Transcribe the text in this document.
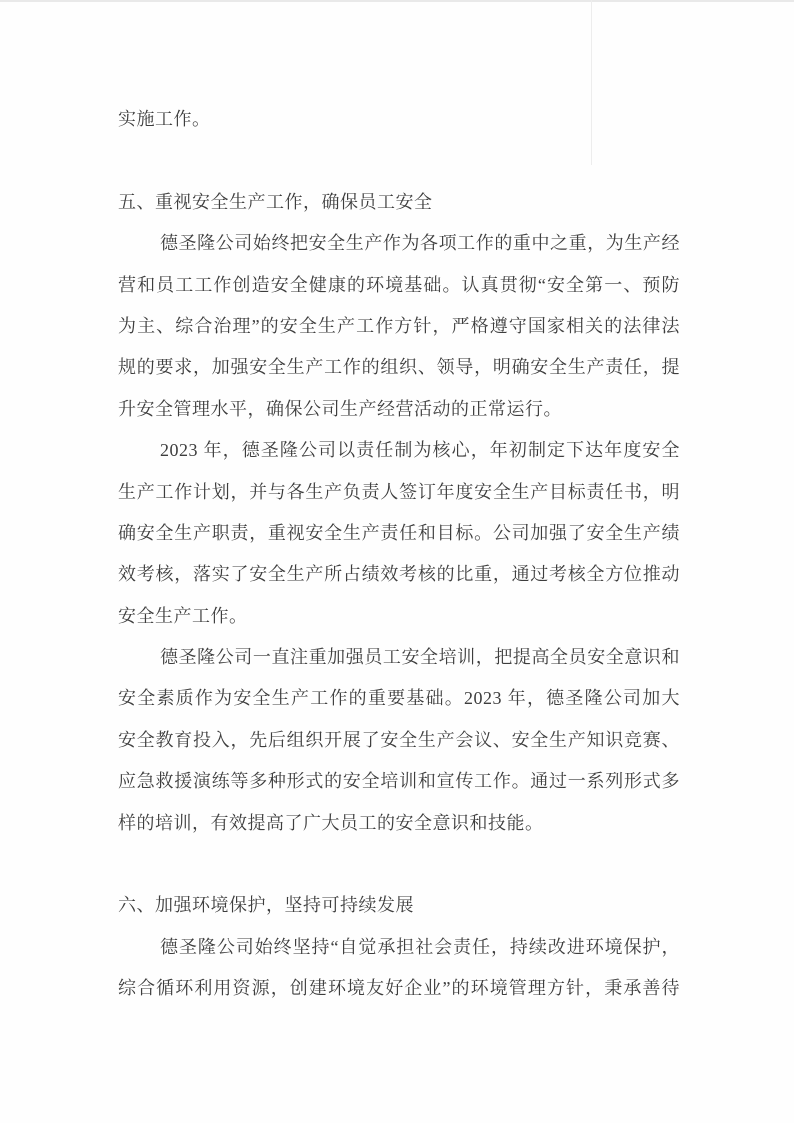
实施工作。
五、重视安全生产工作，确保员工安全
德圣隆公司始终把安全生产作为各项工作的重中之重，为生产经
营和员工工作创造安全健康的环境基础。认真贯彻“安全第一、预防
为主、综合治理”的安全生产工作方针，严格遵守国家相关的法律法
规的要求，加强安全生产工作的组织、领导，明确安全生产责任，提
升安全管理水平，确保公司生产经营活动的正常运行。
2023 年，德圣隆公司以责任制为核心，年初制定下达年度安全
生产工作计划，并与各生产负责人签订年度安全生产目标责任书，明
确安全生产职责，重视安全生产责任和目标。公司加强了安全生产绩
效考核，落实了安全生产所占绩效考核的比重，通过考核全方位推动
安全生产工作。
德圣隆公司一直注重加强员工安全培训，把提高全员安全意识和
安全素质作为安全生产工作的重要基础。2023 年，德圣隆公司加大
安全教育投入，先后组织开展了安全生产会议、安全生产知识竞赛、
应急救援演练等多种形式的安全培训和宣传工作。通过一系列形式多
样的培训，有效提高了广大员工的安全意识和技能。
六、加强环境保护，坚持可持续发展
德圣隆公司始终坚持“自觉承担社会责任，持续改进环境保护，
综合循环利用资源，创建环境友好企业”的环境管理方针，秉承善待
